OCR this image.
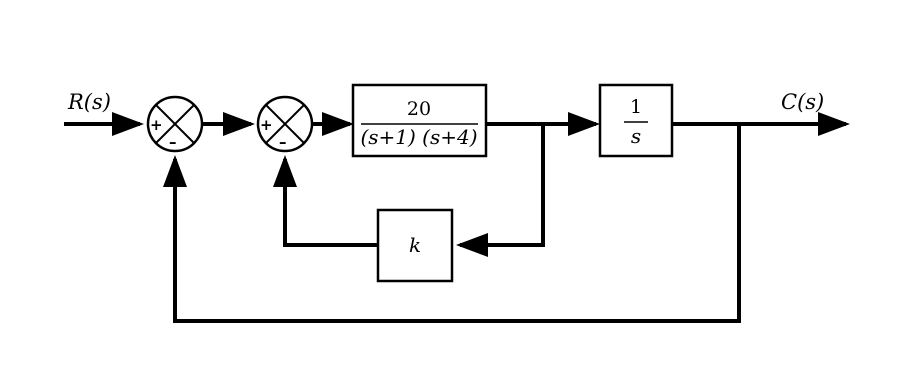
+
–
+
–
20
(s+1) (s+4)
1
s
k
R(s)	C(s)
